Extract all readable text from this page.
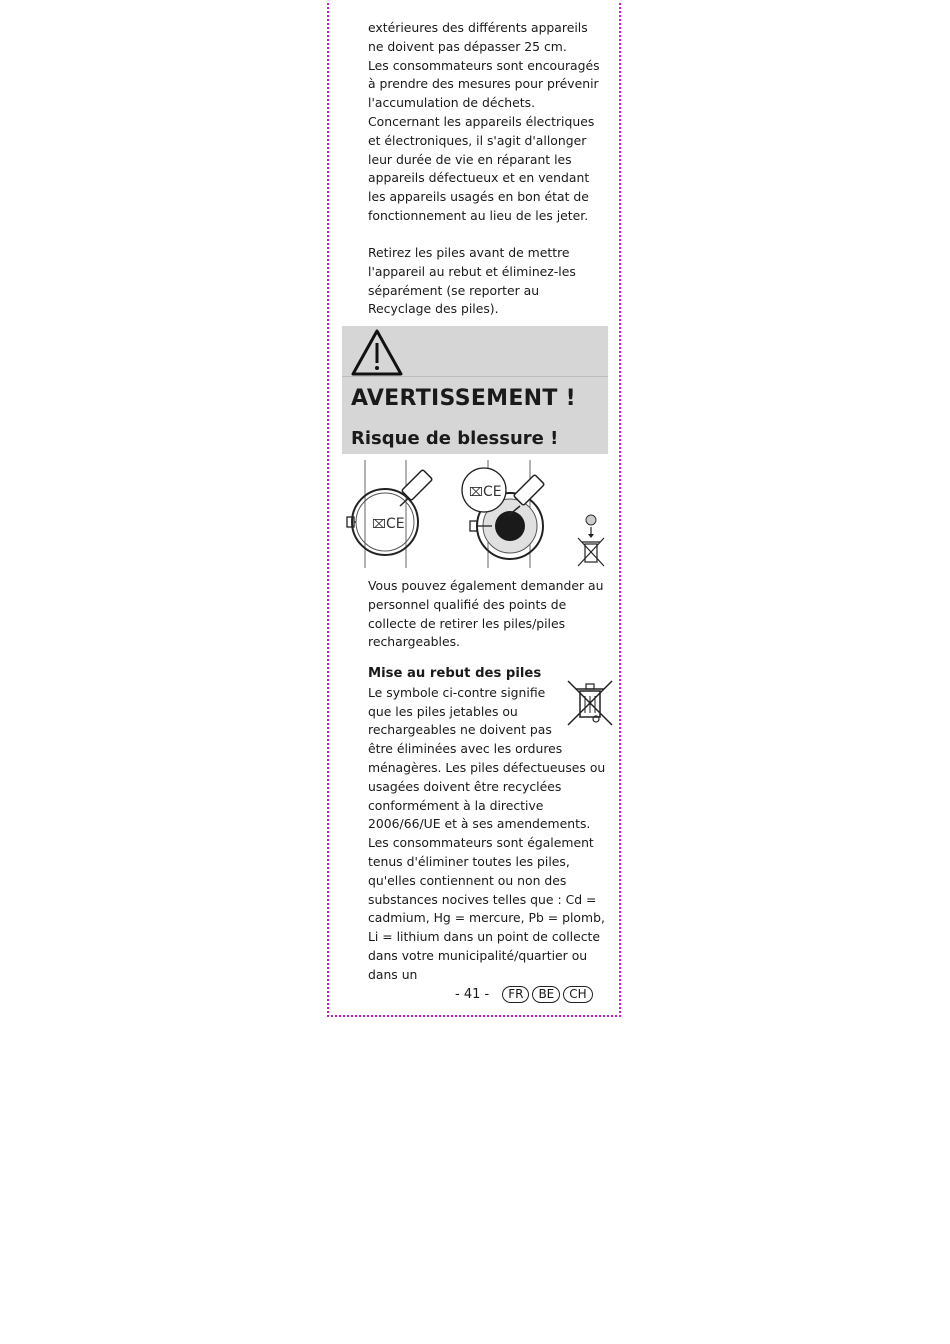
extérieures des différents appareils ne doivent pas dépasser 25 cm.

Les consommateurs sont encouragés à prendre des mesures pour prévenir l'accumulation de déchets.

Concernant les appareils électriques et électroniques, il s'agit d'allonger leur durée de vie en réparant les appareils défectueux et en vendant les appareils usagés en bon état de fonctionnement au lieu de les jeter.

Retirez les piles avant de mettre l'appareil au rebut et éliminez-les séparément (se reporter au Recyclage des piles).

AVERTISSEMENT !
Risque de blessure !
⌧ CE
⌧ CE

Vous pouvez également demander au personnel qualifié des points de collecte de retirer les piles/piles rechargeables.

Mise au rebut des piles

Le symbole ci-contre signifie que les piles jetables ou rechargeables ne doivent pas être éliminées avec les ordures ménagères. Les piles défectueuses ou usagées doivent être recyclées conformément à la directive 2006/66/UE et à ses amendements. Les consommateurs sont également tenus d'éliminer toutes les piles, qu'elles contiennent ou non des substances nocives telles que : Cd = cadmium, Hg = mercure, Pb = plomb, Li = lithium dans un point de collecte dans votre municipalité/quartier ou dans un

- 41 -	FR	BE	CH
